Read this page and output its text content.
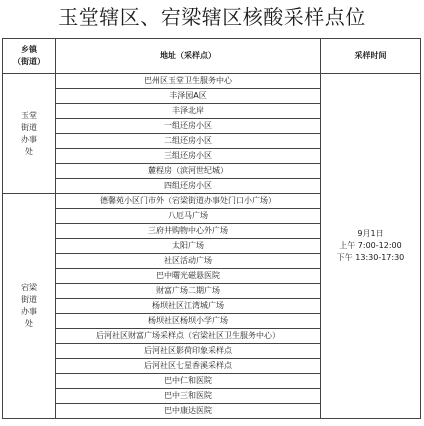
玉堂辖区、宕梁辖区核酸采样点位
乡镇
（街道）	地址（采样点）	采样时间
玉堂街道办事处	巴州区玉堂卫生服务中心	9月1日
上午 7:00-12:00
下午 13:30-17:30

	丰泽园A区	
	丰泽北岸	
	一组还房小区	
	二组还房小区	
	三组还房小区	
	麓程房（滨河世纪城）	
	四组还房小区	
宕梁街道办事处	德馨苑小区门市外（宕梁街道办事处门口小广场）	
	八厄马广场	
	三府井购物中心外广场	
	太阳广场	
	社区活动广场	
	巴中曙光磁悬医院	
	财富广场二期广场	
	杨坝社区江湾城广场	
	杨坝社区杨坝小学广场	
	后河社区财富广场采样点（宕梁社区卫生服务中心）	
	后河社区影荷印象采样点	
	后河社区七星香溪采样点	
	巴中仁和医院	
	巴中三和医院	
	巴中康达医院	
